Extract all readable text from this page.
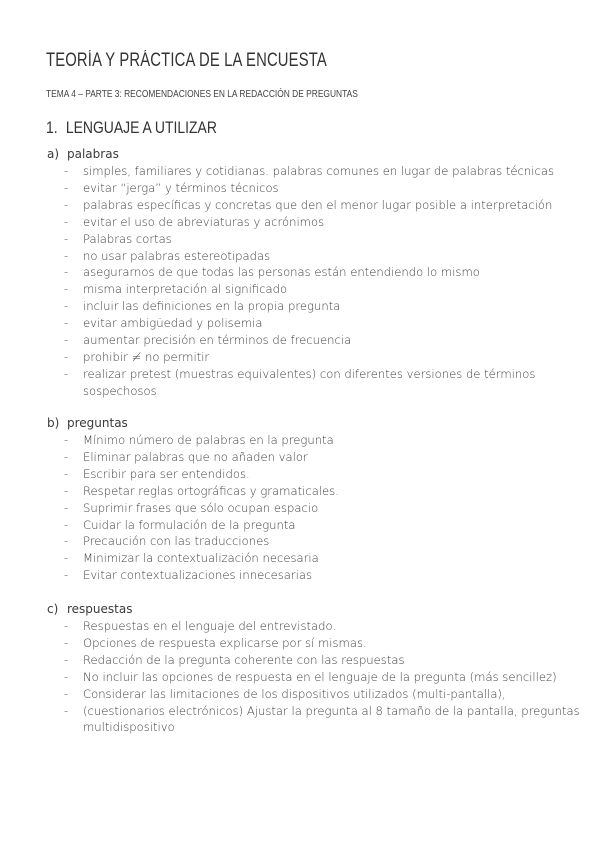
TEORÍA Y PRÁCTICA DE LA ENCUESTA
TEMA 4 – PARTE 3: RECOMENDACIONES EN LA REDACCIÓN DE PREGUNTAS
1. LENGUAJE A UTILIZAR
a) palabras
- simples, familiares y cotidianas. palabras comunes en lugar de palabras técnicas
- evitar “jerga” y términos técnicos
- palabras específicas y concretas que den el menor lugar posible a interpretación
- evitar el uso de abreviaturas y acrónimos
- Palabras cortas
- no usar palabras estereotipadas
- asegurarnos de que todas las personas están entendiendo lo mismo
- misma interpretación al significado
- incluir las definiciones en la propia pregunta
- evitar ambigüedad y polisemia
- aumentar precisión en términos de frecuencia
- prohibir ≠ no permitir
- realizar pretest (muestras equivalentes) con diferentes versiones de términos sospechosos
b) preguntas
- Mínimo número de palabras en la pregunta
- Eliminar palabras que no añaden valor
- Escribir para ser entendidos.
- Respetar reglas ortográficas y gramaticales.
- Suprimir frases que sólo ocupan espacio
- Cuidar la formulación de la pregunta
- Precaución con las traducciones
- Minimizar la contextualización necesaria
- Evitar contextualizaciones innecesarias
c) respuestas
- Respuestas en el lenguaje del entrevistado.
- Opciones de respuesta explicarse por sí mismas.
- Redacción de la pregunta coherente con las respuestas
- No incluir las opciones de respuesta en el lenguaje de la pregunta (más sencillez)
- Considerar las limitaciones de los dispositivos utilizados (multi-pantalla),
- (cuestionarios electrónicos) Ajustar la pregunta al 8 tamaño de la pantalla, preguntas multidispositivo
